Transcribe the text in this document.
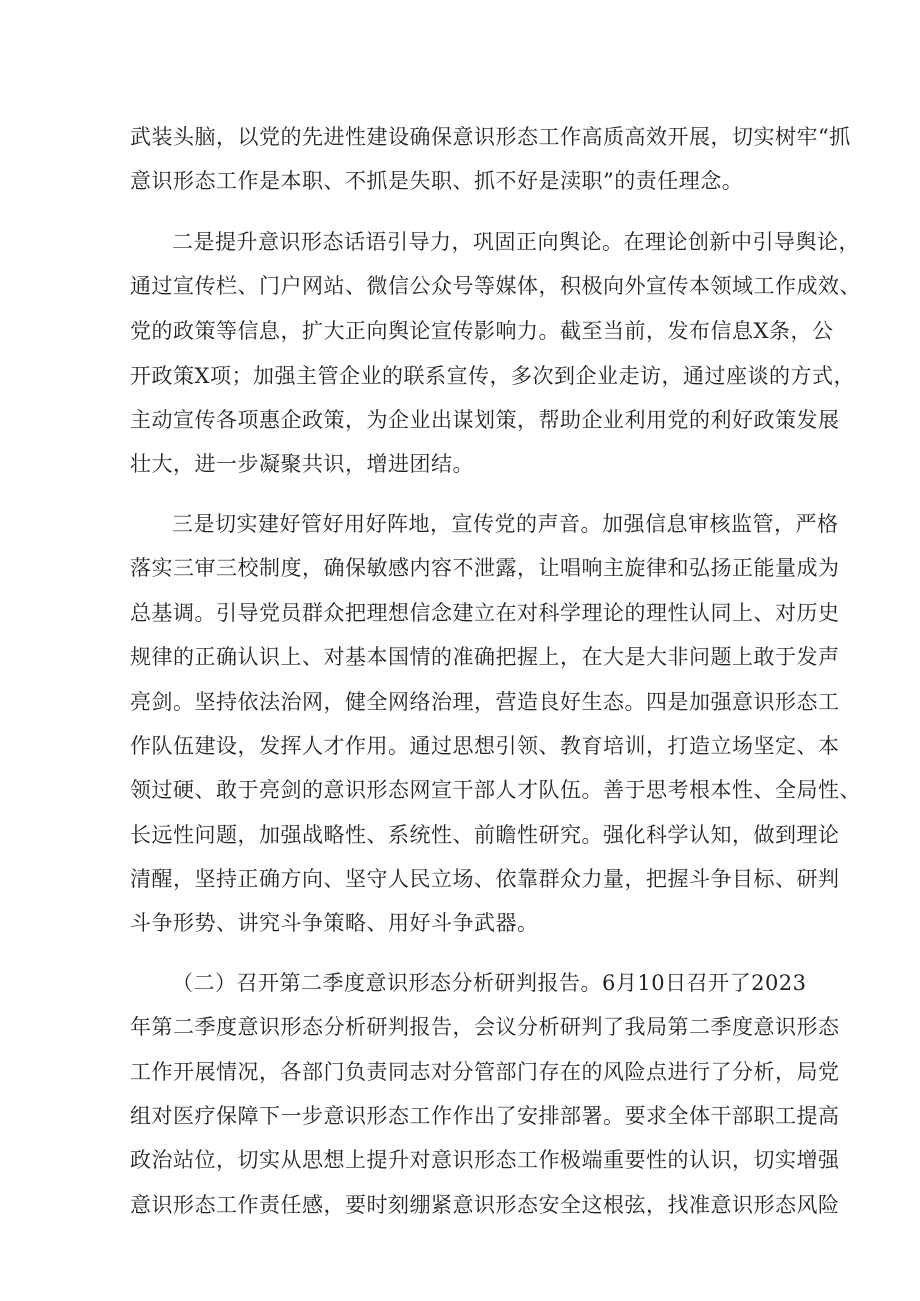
武装头脑，以党的先进性建设确保意识形态工作高质高效开展，切实树牢“抓
意识形态工作是本职、不抓是失职、抓不好是渎职”的责任理念。
二是提升意识形态话语引导力，巩固正向舆论。在理论创新中引导舆论，
通过宣传栏、门户网站、微信公众号等媒体，积极向外宣传本领域工作成效、
党的政策等信息，扩大正向舆论宣传影响力。截至当前，发布信息X条，公
开政策X项；加强主管企业的联系宣传，多次到企业走访，通过座谈的方式，
主动宣传各项惠企政策，为企业出谋划策，帮助企业利用党的利好政策发展
壮大，进一步凝聚共识，增进团结。
三是切实建好管好用好阵地，宣传党的声音。加强信息审核监管，严格
落实三审三校制度，确保敏感内容不泄露，让唱响主旋律和弘扬正能量成为
总基调。引导党员群众把理想信念建立在对科学理论的理性认同上、对历史
规律的正确认识上、对基本国情的准确把握上，在大是大非问题上敢于发声
亮剑。坚持依法治网，健全网络治理，营造良好生态。四是加强意识形态工
作队伍建设，发挥人才作用。通过思想引领、教育培训，打造立场坚定、本
领过硬、敢于亮剑的意识形态网宣干部人才队伍。善于思考根本性、全局性、
长远性问题，加强战略性、系统性、前瞻性研究。强化科学认知，做到理论
清醒，坚持正确方向、坚守人民立场、依靠群众力量，把握斗争目标、研判
斗争形势、讲究斗争策略、用好斗争武器。
（二）召开第二季度意识形态分析研判报告。6月10日召开了2023
年第二季度意识形态分析研判报告，会议分析研判了我局第二季度意识形态
工作开展情况，各部门负责同志对分管部门存在的风险点进行了分析，局党
组对医疗保障下一步意识形态工作作出了安排部署。要求全体干部职工提高
政治站位，切实从思想上提升对意识形态工作极端重要性的认识，切实增强
意识形态工作责任感，要时刻绷紧意识形态安全这根弦，找准意识形态风险
